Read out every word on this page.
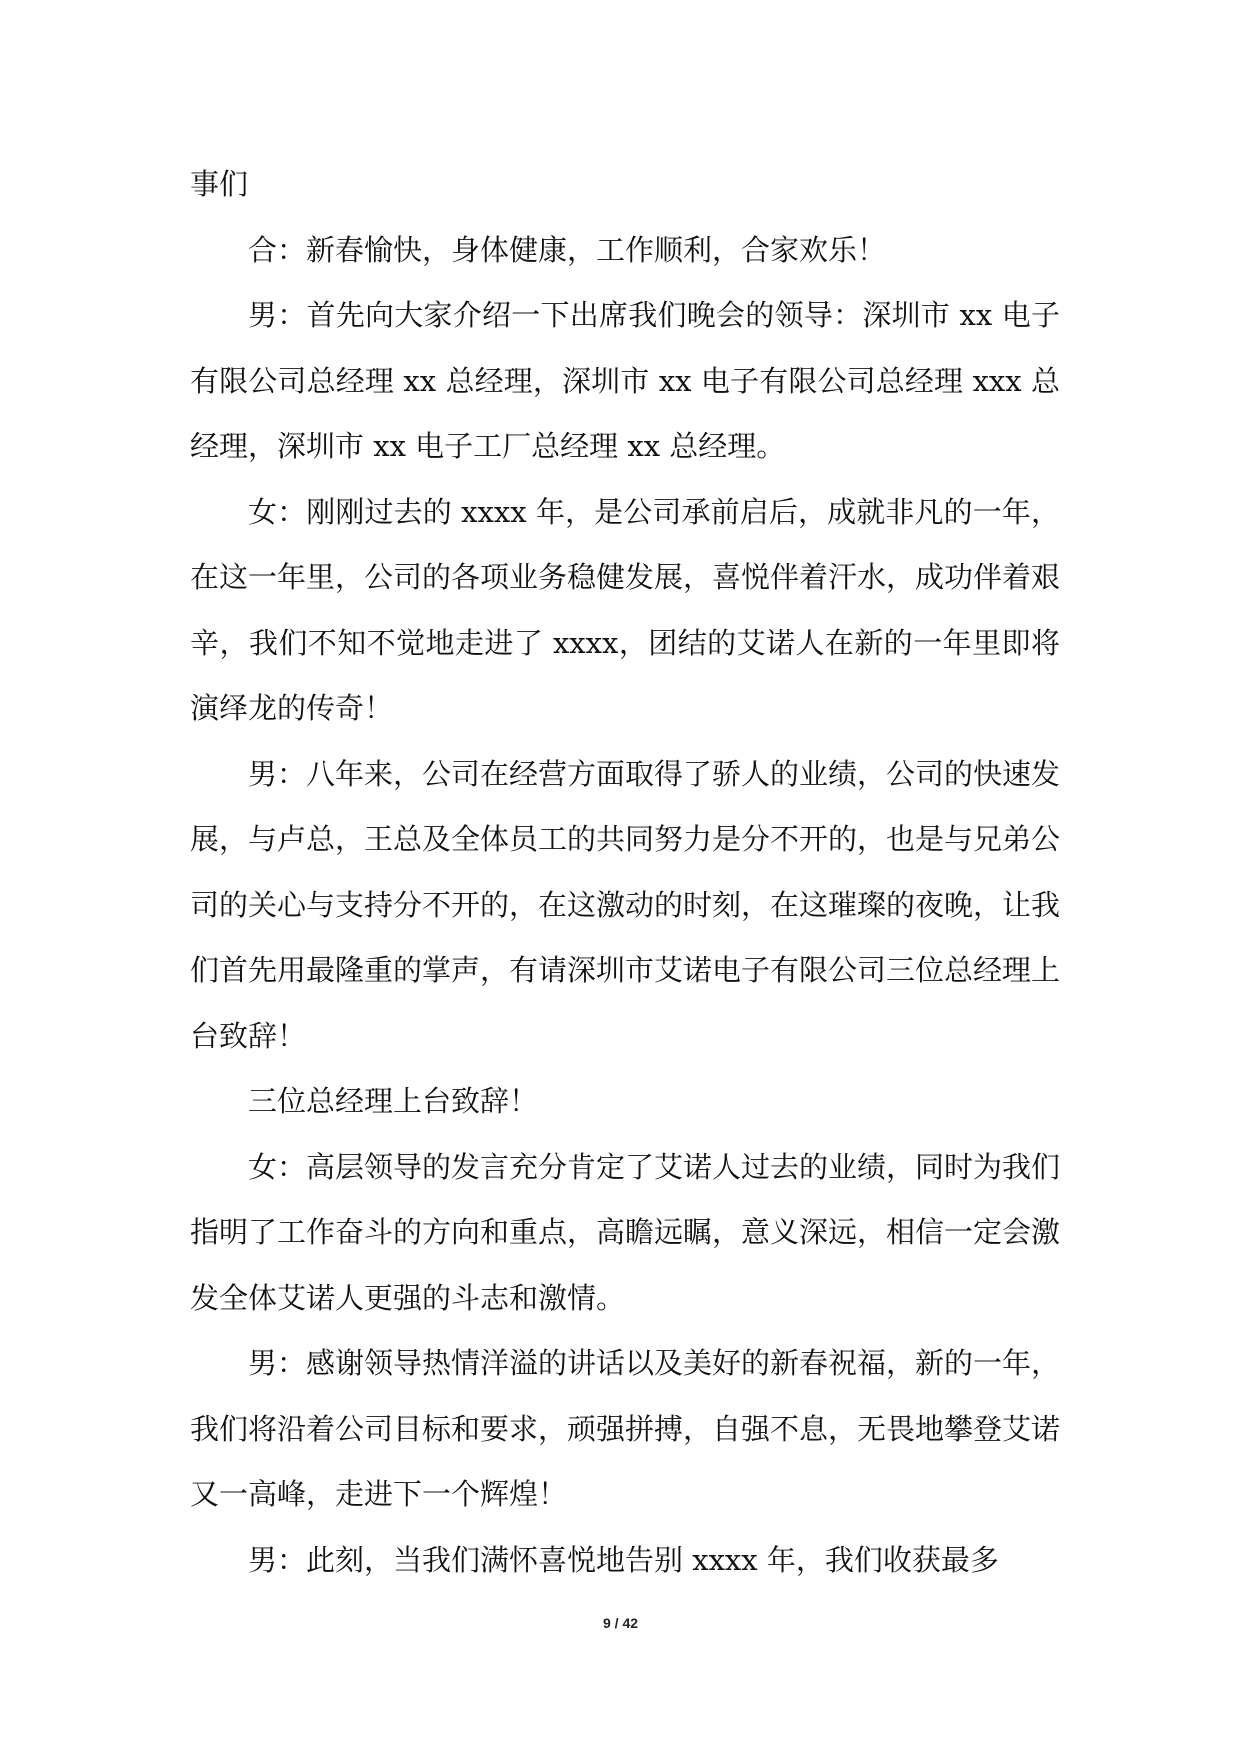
事们

合：新春愉快，身体健康，工作顺利，合家欢乐！

男：首先向大家介绍一下出席我们晚会的领导：深圳市 xx 电子有限公司总经理 xx 总经理，深圳市 xx 电子有限公司总经理 xxx 总经理，深圳市 xx 电子工厂总经理 xx 总经理。

女：刚刚过去的 xxxx 年，是公司承前启后，成就非凡的一年，在这一年里，公司的各项业务稳健发展，喜悦伴着汗水，成功伴着艰辛，我们不知不觉地走进了 xxxx，团结的艾诺人在新的一年里即将演绎龙的传奇！

男：八年来，公司在经营方面取得了骄人的业绩，公司的快速发展，与卢总，王总及全体员工的共同努力是分不开的，也是与兄弟公司的关心与支持分不开的，在这激动的时刻，在这璀璨的夜晚，让我们首先用最隆重的掌声，有请深圳市艾诺电子有限公司三位总经理上台致辞！

三位总经理上台致辞！

女：高层领导的发言充分肯定了艾诺人过去的业绩，同时为我们指明了工作奋斗的方向和重点，高瞻远瞩，意义深远，相信一定会激发全体艾诺人更强的斗志和激情。

男：感谢领导热情洋溢的讲话以及美好的新春祝福，新的一年，我们将沿着公司目标和要求，顽强拼搏，自强不息，无畏地攀登艾诺又一高峰，走进下一个辉煌！

男：此刻，当我们满怀喜悦地告别 xxxx 年，我们收获最多

9 / 42
